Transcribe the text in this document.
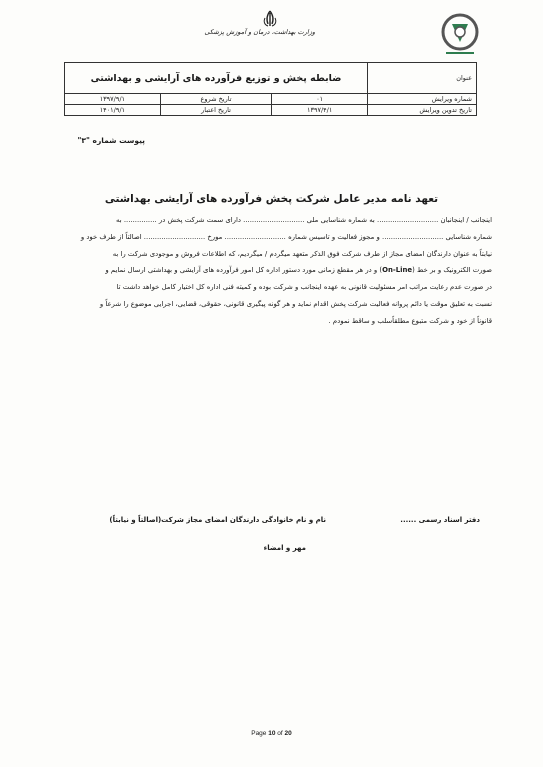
وزارت بهداشت، درمان و آموزش پزشکی
عنوان	ضابطه پخش و توزیع فرآورده های آرایشی و بهداشتی		
شماره ویرایش	۰۱	تاریخ شروع	۱۳۹۷/۹/۱
تاریخ تدوین ویرایش	۱۳۹۷/۴/۱	تاریخ اعتبار	۱۴۰۱/۹/۱
پیوست شماره "۳"
تعهد نامه مدیر عامل شرکت پخش فرآورده های آرایشی بهداشتی

اینجانب / اینجانبان ............................ به شماره شناسایی ملی ............................ دارای سمت شرکت پخش در ............... به

شماره شناسایی ............................ و مجوز فعالیت و تاسیس شماره ............................ مورخ ............................ اصالتاً از طرف خود و

نیابتاً به عنوان دارندگان امضای مجاز از طرف شرکت فوق الذکر متعهد میگردم / میگردیم، که اطلاعات فروش و موجودی شرکت را به

صورت الکترونیک و بر خط (On-Line) و در هر مقطع زمانی مورد دستور اداره کل امور فرآورده های آرایشی و بهداشتی ارسال نمایم و

در صورت عدم رعایت مراتب امر مسئولیت قانونی به عهده اینجانب و شرکت بوده و کمیته فنی اداره کل اختیار کامل خواهد داشت تا

نسبت به تعلیق موقت یا دائم پروانه فعالیت شرکت پخش اقدام نماید و هر گونه پیگیری قانونی، حقوقی، قضایی، اجرایی موضوع را شرعاً و

قانوناً از خود و شرکت متبوع مطلقاًسلب و ساقط نمودم .

دفتر اسناد رسمی ......
نام و نام خانوادگی دارندگان امضای مجاز شرکت(اصالتاً و نیابتاً)
مهر و امضاء
Page 10 of 20
